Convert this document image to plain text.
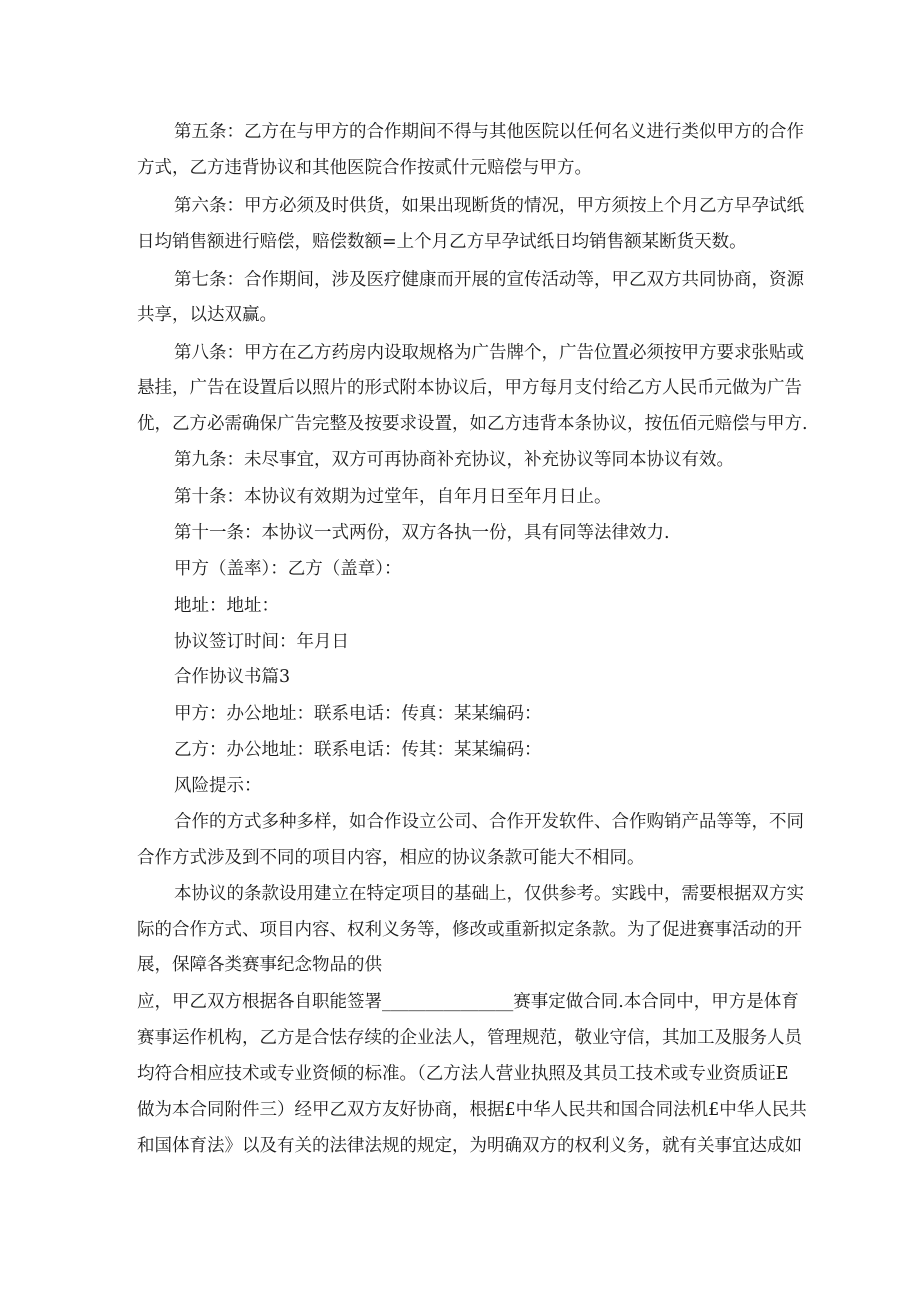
第五条：乙方在与甲方的合作期间不得与其他医院以任何名义进行类似甲方的合作
方式，乙方违背协议和其他医院合作按贰什元赔偿与甲方。
第六条：甲方必须及时供货，如果出现断货的情况，甲方须按上个月乙方早孕试纸
日均销售额进行赔偿，赔偿数额=上个月乙方早孕试纸日均销售额某断货天数。
第七条：合作期间，涉及医疗健康而开展的宣传活动等，甲乙双方共同协商，资源
共享，以达双赢。
第八条：甲方在乙方药房内设取规格为广告牌个，广告位置必须按甲方要求张贴或
悬挂，广告在设置后以照片的形式附本协议后，甲方每月支付给乙方人民币元做为广告
优，乙方必需确保广告完整及按要求设置，如乙方违背本条协议，按伍佰元赔偿与甲方.
第九条：未尽事宜，双方可再协商补充协议，补充协议等同本协议有效。
第十条：本协议有效期为过堂年，自年月日至年月日止。
第十一条：本协议一式两份，双方各执一份，具有同等法律效力.
甲方（盖率）：乙方（盖章）：
地址：地址：
协议签订时间：年月日
合作协议书篇3
甲方：办公地址：联系电话：传真：某某编码：
乙方：办公地址：联系电话：传其：某某编码：
风险提示：
合作的方式多种多样，如合作设立公司、合作开发软件、合作购销产品等等，不同
合作方式涉及到不同的项目内容，相应的协议条款可能大不相同。
本协议的条款设用建立在特定项目的基础上，仅供参考。实践中，需要根据双方实
际的合作方式、项目内容、权利义务等，修改或重新拟定条款。为了促进赛事活动的开
展，保障各类赛事纪念物品的供
应，甲乙双方根据各自职能签署_______________赛事定做合同.本合同中，甲方是体育
赛事运作机构，乙方是合怯存续的企业法人，管理规范，敬业守信，其加工及服务人员
均符合相应技术或专业资倾的标准。（乙方法人营业执照及其员工技术或专业资质证E
做为本合同附件三）经甲乙双方友好协商，根据£中华人民共和国合同法机£中华人民共
和国体育法》以及有关的法律法规的规定，为明确双方的权利义务，就有关事宜达成如
